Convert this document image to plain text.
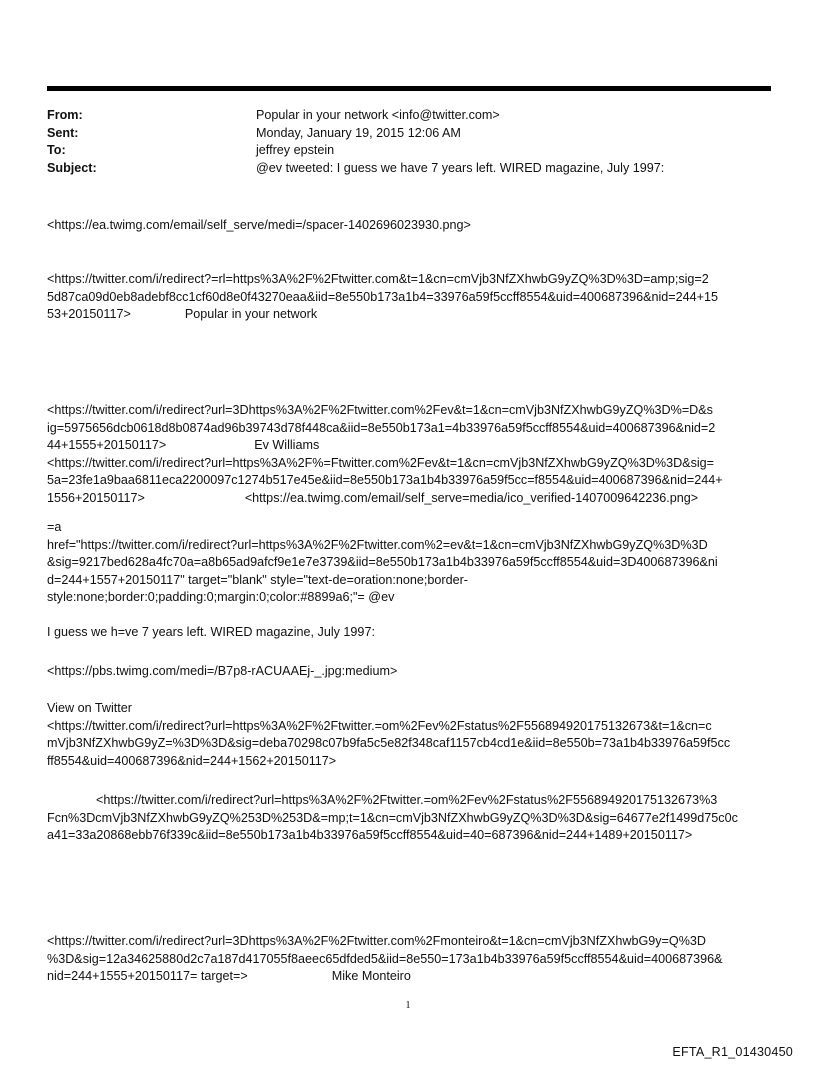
From:	Popular in your network <info@twitter.com>
Sent:	Monday, January 19, 2015 12:06 AM
To:	jeffrey epstein
Subject:	@ev tweeted: I guess we have 7 years left. WIRED magazine, July 1997:
<https://ea.twimg.com/email/self_serve/medi=/spacer-1402696023930.png>
<https://twitter.com/i/redirect?=rl=https%3A%2F%2Ftwitter.com&t=1&cn=cmVjb3NfZXhwbG9yZQ%3D%3D=amp;sig=2
5d87ca09d0eb8adebf8cc1cf60d8e0f43270eaa&iid=8e550b173a1b4=33976a59f5ccff8554&uid=400687396&nid=244+15
53+20150117>	Popular in your network
<https://twitter.com/i/redirect?url=3Dhttps%3A%2F%2Ftwitter.com%2Fev&t=1&cn=cmVjb3NfZXhwbG9yZQ%3D%=D&s
ig=5975656dcb0618d8b0874ad96b39743d78f448ca&iid=8e550b173a1=4b33976a59f5ccff8554&uid=400687396&nid=2
44+1555+20150117>	Ev Williams
<https://twitter.com/i/redirect?url=https%3A%2F%=Ftwitter.com%2Fev&t=1&cn=cmVjb3NfZXhwbG9yZQ%3D%3D&sig=
5a=23fe1a9baa6811eca2200097c1274b517e45e&iid=8e550b173a1b4b33976a59f5cc=f8554&uid=400687396&nid=244+
1556+20150117>	<https://ea.twimg.com/email/self_serve=media/ico_verified-1407009642236.png>
=a
href="https://twitter.com/i/redirect?url=https%3A%2F%2Ftwitter.com%2=ev&t=1&cn=cmVjb3NfZXhwbG9yZQ%3D%3D
&sig=9217bed628a4fc70a=a8b65ad9afcf9e1e7e3739&iid=8e550b173a1b4b33976a59f5ccff8554&uid=3D400687396&ni
d=244+1557+20150117" target="blank" style="text-de=oration:none;border-
style:none;border:0;padding:0;margin:0;color:#8899a6;"= @ev
I guess we h=ve 7 years left. WIRED magazine, July 1997:
<https://pbs.twimg.com/medi=/B7p8-rACUAAEj-_.jpg:medium>
View on Twitter
<https://twitter.com/i/redirect?url=https%3A%2F%2Ftwitter.=om%2Fev%2Fstatus%2F556894920175132673&t=1&cn=c
mVjb3NfZXhwbG9yZ=%3D%3D&sig=deba70298c07b9fa5c5e82f348caf1157cb4cd1e&iid=8e550b=73a1b4b33976a59f5cc
ff8554&uid=400687396&nid=244+1562+20150117>
<https://twitter.com/i/redirect?url=https%3A%2F%2Ftwitter.=om%2Fev%2Fstatus%2F556894920175132673%3
Fcn%3DcmVjb3NfZXhwbG9yZQ%253D%253D&=mp;t=1&cn=cmVjb3NfZXhwbG9yZQ%3D%3D&sig=64677e2f1499d75c0c
a41=33a20868ebb76f339c&iid=8e550b173a1b4b33976a59f5ccff8554&uid=40=687396&nid=244+1489+20150117>
<https://twitter.com/i/redirect?url=3Dhttps%3A%2F%2Ftwitter.com%2Fmonteiro&t=1&cn=cmVjb3NfZXhwbG9y=Q%3D
%3D&sig=12a34625880d2c7a187d417055f8aeec65dfded5&iid=8e550=173a1b4b33976a59f5ccff8554&uid=400687396&
nid=244+1555+20150117= target=>	Mike Monteiro
1
EFTA_R1_01430450
